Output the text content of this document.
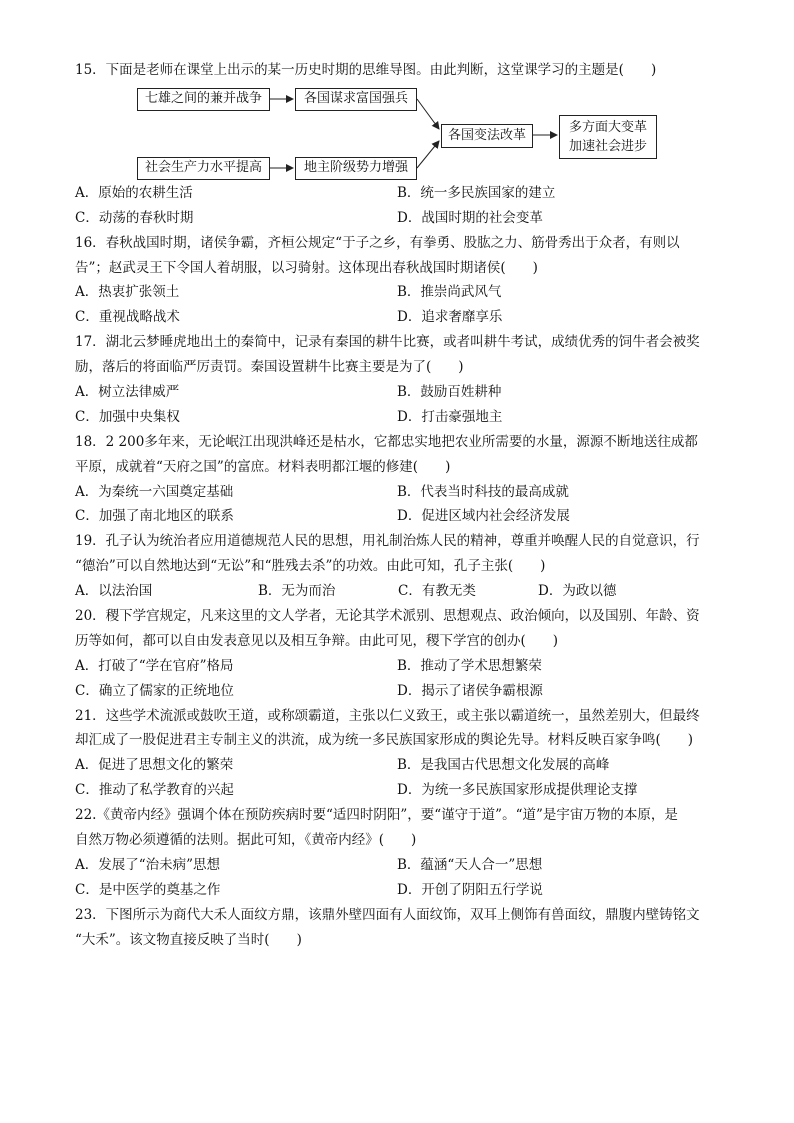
15．下面是老师在课堂上出示的某一历史时期的思维导图。由此判断，这堂课学习的主题是(　　)
七雄之间的兼并战争	各国谋求富国强兵
社会生产力水平提高	地主阶级势力增强
各国变法改革
多方面大变革
加速社会进步
A．原始的农耕生活	B．统一多民族国家的建立
C．动荡的春秋时期	D．战国时期的社会变革
16．春秋战国时期，诸侯争霸，齐桓公规定“于子之乡，有拳勇、股肱之力、筋骨秀出于众者，有则以
告”；赵武灵王下令国人着胡服，以习骑射。这体现出春秋战国时期诸侯(　　)
A．热衷扩张领土	B．推崇尚武风气
C．重视战略战术	D．追求奢靡享乐
17．湖北云梦睡虎地出土的秦简中，记录有秦国的耕牛比赛，或者叫耕牛考试，成绩优秀的饲牛者会被奖
励，落后的将面临严厉责罚。秦国设置耕牛比赛主要是为了(　　)
A．树立法律威严	B．鼓励百姓耕种
C．加强中央集权	D．打击豪强地主
18．2 200多年来，无论岷江出现洪峰还是枯水，它都忠实地把农业所需要的水量，源源不断地送往成都
平原，成就着“天府之国”的富庶。材料表明都江堰的修建(　　)
A．为秦统一六国奠定基础	B．代表当时科技的最高成就
C．加强了南北地区的联系	D．促进区域内社会经济发展
19．孔子认为统治者应用道德规范人民的思想，用礼制治炼人民的精神，尊重并唤醒人民的自觉意识，行
“德治”可以自然地达到“无讼”和“胜残去杀”的功效。由此可知，孔子主张(　　)
A．以法治国	B．无为而治	C．有教无类	D．为政以德
20．稷下学宫规定，凡来这里的文人学者，无论其学术派别、思想观点、政治倾向，以及国别、年龄、资
历等如何，都可以自由发表意见以及相互争辩。由此可见，稷下学宫的创办(　　)
A．打破了“学在官府”格局	B．推动了学术思想繁荣
C．确立了儒家的正统地位	D．揭示了诸侯争霸根源
21．这些学术流派或鼓吹王道，或称颂霸道，主张以仁义致王，或主张以霸道统一，虽然差别大，但最终
却汇成了一股促进君主专制主义的洪流，成为统一多民族国家形成的舆论先导。材料反映百家争鸣(　　)
A．促进了思想文化的繁荣	B．是我国古代思想文化发展的高峰
C．推动了私学教育的兴起	D．为统一多民族国家形成提供理论支撑
22.《黄帝内经》强调个体在预防疾病时要“适四时阴阳”，要“谨守于道”。“道”是宇宙万物的本原，是
自然万物必须遵循的法则。据此可知，《黄帝内经》(　　)
A．发展了“治未病”思想	B．蕴涵“天人合一”思想
C．是中医学的奠基之作	D．开创了阴阳五行学说
23．下图所示为商代大禾人面纹方鼎，该鼎外壁四面有人面纹饰，双耳上侧饰有兽面纹，鼎腹内壁铸铭文
“大禾”。该文物直接反映了当时(　　)
